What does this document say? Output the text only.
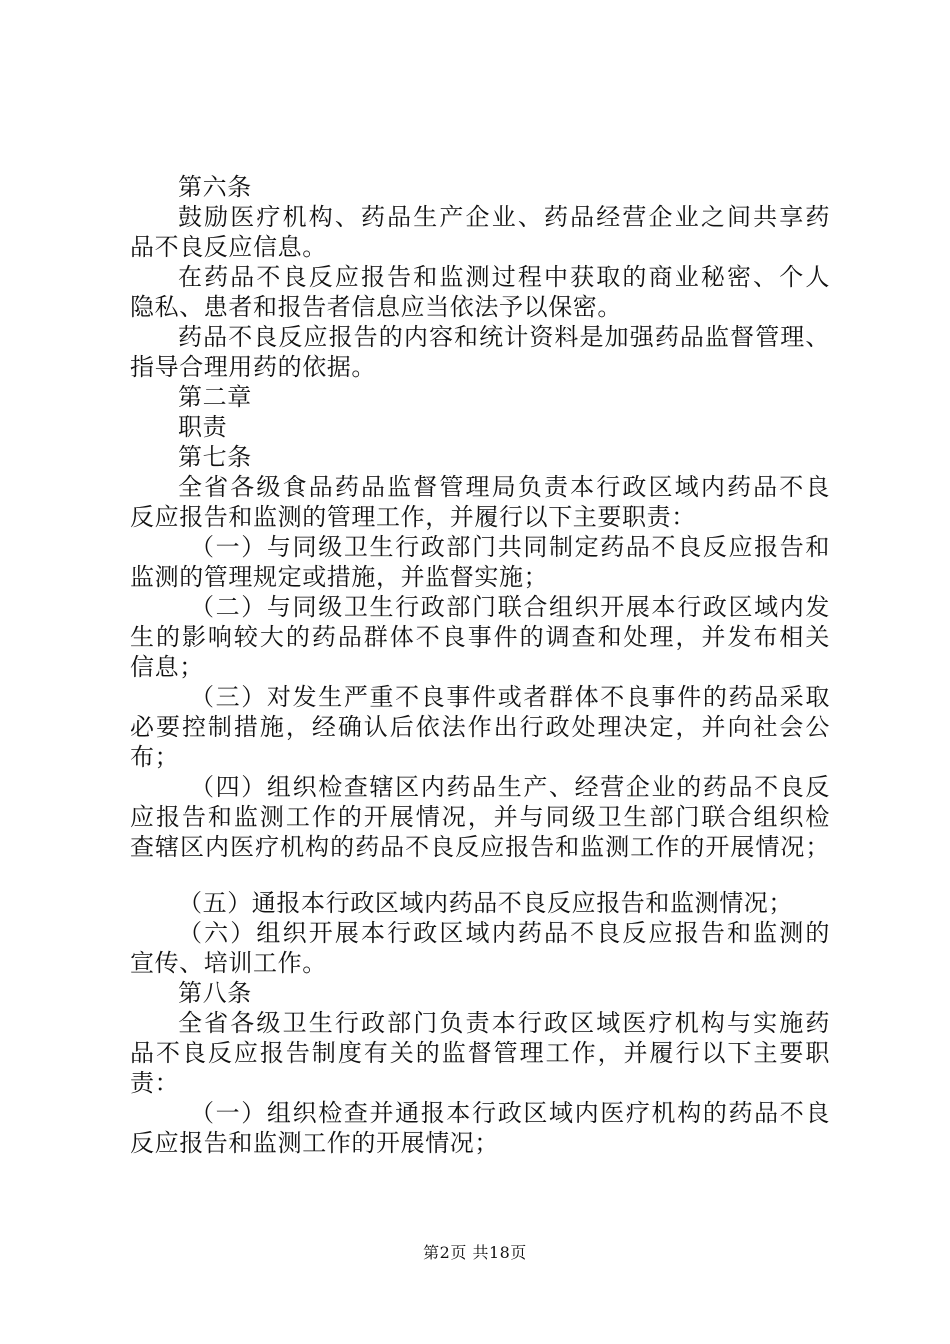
第六条
鼓励医疗机构、药品生产企业、药品经营企业之间共享药
品不良反应信息。
在药品不良反应报告和监测过程中获取的商业秘密、个人
隐私、患者和报告者信息应当依法予以保密。
药品不良反应报告的内容和统计资料是加强药品监督管理、
指导合理用药的依据。
第二章
职责
第七条
全省各级食品药品监督管理局负责本行政区域内药品不良
反应报告和监测的管理工作，并履行以下主要职责：
（一）与同级卫生行政部门共同制定药品不良反应报告和
监测的管理规定或措施，并监督实施；
（二）与同级卫生行政部门联合组织开展本行政区域内发
生的影响较大的药品群体不良事件的调查和处理，并发布相关
信息；
（三）对发生严重不良事件或者群体不良事件的药品采取
必要控制措施，经确认后依法作出行政处理决定，并向社会公
布；
（四）组织检查辖区内药品生产、经营企业的药品不良反
应报告和监测工作的开展情况，并与同级卫生部门联合组织检
查辖区内医疗机构的药品不良反应报告和监测工作的开展情况；
（五）通报本行政区域内药品不良反应报告和监测情况；
（六）组织开展本行政区域内药品不良反应报告和监测的
宣传、培训工作。
第八条
全省各级卫生行政部门负责本行政区域医疗机构与实施药
品不良反应报告制度有关的监督管理工作，并履行以下主要职
责：
（一）组织检查并通报本行政区域内医疗机构的药品不良
反应报告和监测工作的开展情况；
第2页 共18页
